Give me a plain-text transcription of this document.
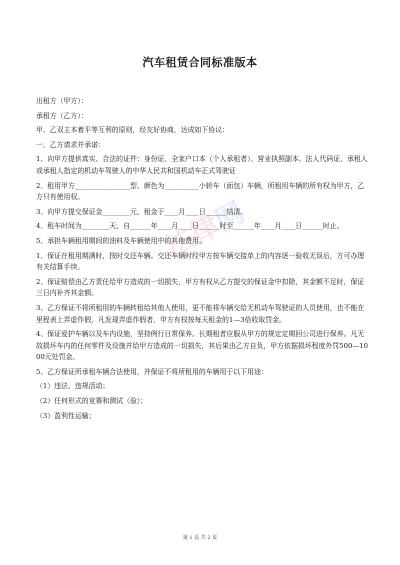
汽车租赁合同标准版本
法律网

出租方（甲方）：

承租方（乙方）：

甲、乙双主本着平等互利的原则，经友好协商，达成如下协议：

一、乙方请求并承诺：

1、向甲方提供真实、合法的证件：身份证、全家户口本（个人承租者）、营业执照副本、法人代码证、承租人或承租人指定的机动车驾驶人的中华人民共和国机动车正式驾驶证

2、租用甲方________________型、颜色为__________小轿车（面包）车辆，所租用车辆的所有权为甲方，乙方只有使用权。

3、向甲方提交保证金________元，租金于____月____日______结清。

4、租车时间为________天，自______年____月____日______时至______年____月____日______时止。

5、承担车辆租用期间的油料及车辆使用中的其他费用。

1、保证在租用期满时，按时交还车辆。交还车辆时经甲方按车辆交接单上的内容逐一验收无误后，方可办理有关结算手续。

2、保证赔偿由乙方责任给甲方造成的一切损失，甲方有权从乙方提交的保证金中扣除，其金额不足时，保证三日内补齐其金额。

3、乙方保证不将所租用的车辆转租给其他人使用，更不能将车辆交给无机动车驾驶证的人员使用，也不能在里程表上弄虚作假，凡发现弄虚作假者，甲方有权按每天租金的1—3倍收取罚金。

4、保证爱护车辆以及车内设施，坚持例行日常保养。长期租者应服从甲方的规定定期回公司进行保养。凡无故损坏车内的任何零件及设施并给甲方造成的一切损失，其后果由乙方自负，甲方依据损坏程度外罚500—1000元处罚金。

5、乙方保证所承租车辆合法使用，并保证不将所租用的车辆用于以下用途：

（1）违法、违规活动；

（2）任何形式的竞赛和测试（验）；

（3）盈利性运输；

第 1 页 共 2 页
